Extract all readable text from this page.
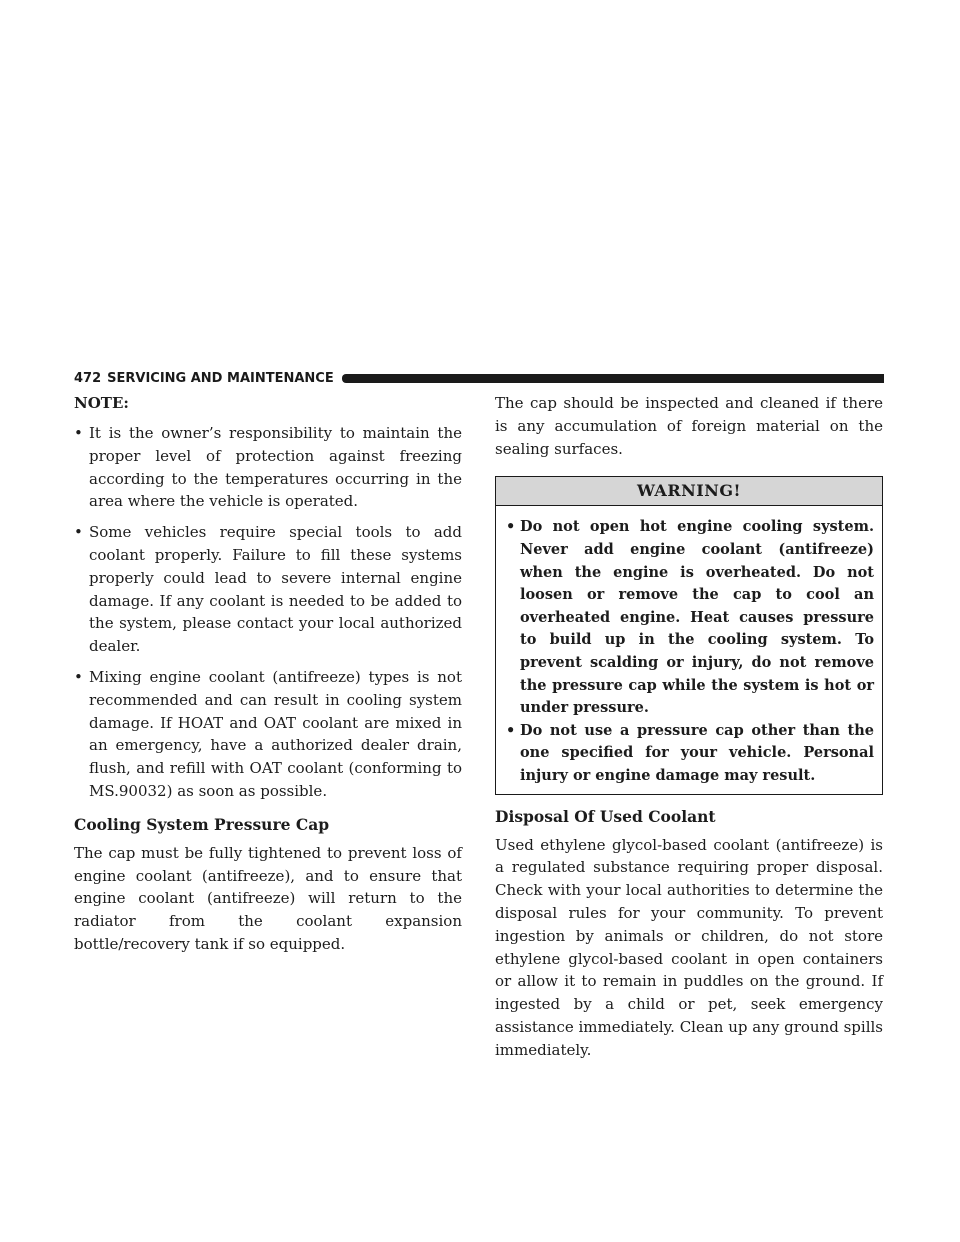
472 SERVICING AND MAINTENANCE
NOTE:
• It is the owner’s responsibility to maintain the proper level of protection against freezing according to the temperatures occurring in the area where the vehicle is operated.
• Some vehicles require special tools to add coolant properly. Failure to fill these systems properly could lead to severe internal engine damage. If any coolant is needed to be added to the system, please contact your local authorized dealer.
• Mixing engine coolant (antifreeze) types is not recommended and can result in cooling system damage. If HOAT and OAT coolant are mixed in an emergency, have a authorized dealer drain, flush, and refill with OAT coolant (conforming to MS.90032) as soon as possible.
Cooling System Pressure Cap

The cap must be fully tightened to prevent loss of engine coolant (antifreeze), and to ensure that engine coolant (antifreeze) will return to the radiator from the coolant expansion bottle/recovery tank if so equipped.

The cap should be inspected and cleaned if there is any accumulation of foreign material on the sealing surfaces.

WARNING!
• Do not open hot engine cooling system. Never add engine coolant (antifreeze) when the engine is overheated. Do not loosen or remove the cap to cool an overheated engine. Heat causes pressure to build up in the cooling system. To prevent scalding or injury, do not remove the pressure cap while the system is hot or under pressure.
• Do not use a pressure cap other than the one specified for your vehicle. Personal injury or engine damage may result.
Disposal Of Used Coolant

Used ethylene glycol-based coolant (antifreeze) is a regulated substance requiring proper disposal. Check with your local authorities to determine the disposal rules for your community. To prevent ingestion by animals or children, do not store ethylene glycol-based coolant in open containers or allow it to remain in puddles on the ground. If ingested by a child or pet, seek emergency assistance immediately. Clean up any ground spills immediately.
